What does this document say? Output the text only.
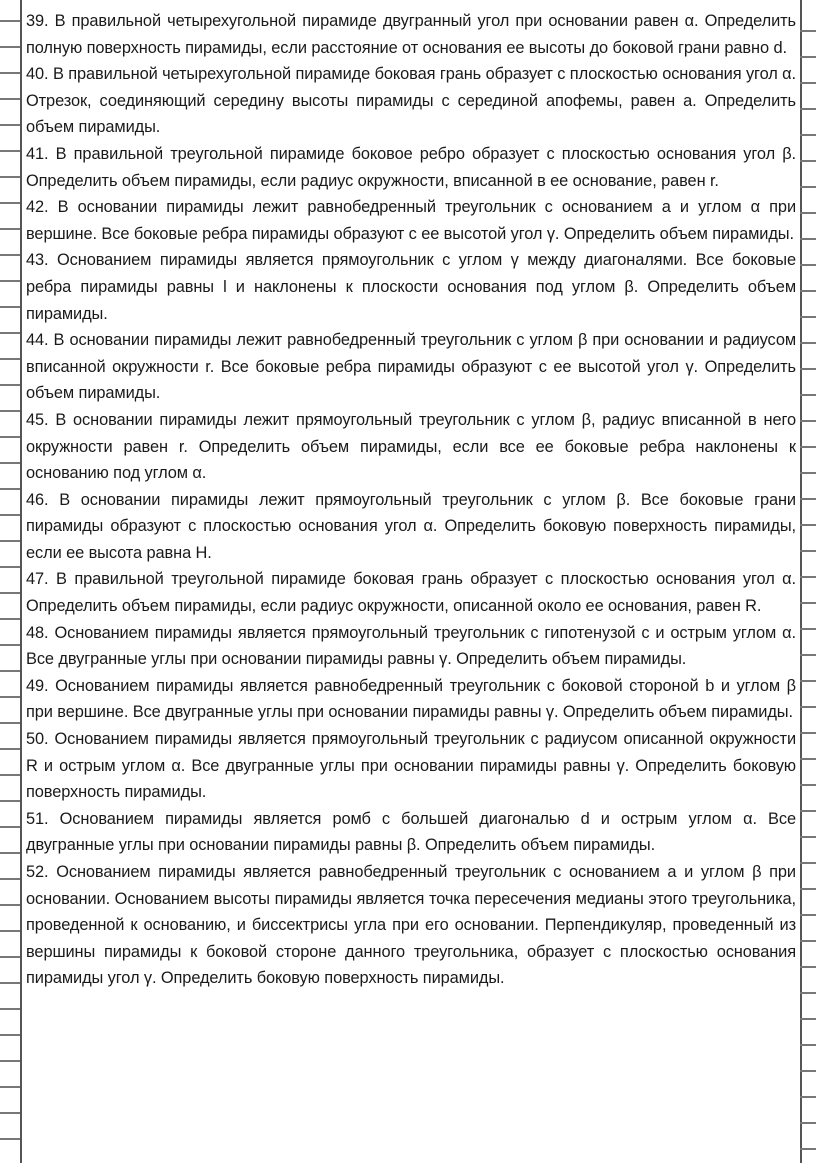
39. В правильной четырехугольной пирамиде двугранный угол при основании равен α. Определить полную поверхность пирамиды, если расстояние от основания ее высоты до боковой грани равно d.

40. В правильной четырехугольной пирамиде боковая грань образует с плоскостью основания угол α. Отрезок, соединяющий середину высоты пирамиды с серединой апофемы, равен a. Определить объем пирамиды.

41. В правильной треугольной пирамиде боковое ребро образует с плоскостью основания угол β. Определить объем пирамиды, если радиус окружности, вписанной в ее основание, равен r.

42. В основании пирамиды лежит равнобедренный треугольник с основанием a и углом α при вершине. Все боковые ребра пирамиды образуют с ее высотой угол γ. Определить объем пирамиды.

43. Основанием пирамиды является прямоугольник с углом γ между диагоналями. Все боковые ребра пирамиды равны l и наклонены к плоскости основания под углом β. Определить объем пирамиды.

44. В основании пирамиды лежит равнобедренный треугольник с углом β при основании и радиусом вписанной окружности r. Все боковые ребра пирамиды образуют с ее высотой угол γ. Определить объем пирамиды.

45. В основании пирамиды лежит прямоугольный треугольник с углом β, радиус вписанной в него окружности равен r. Определить объем пирамиды, если все ее боковые ребра наклонены к основанию под углом α.

46. В основании пирамиды лежит прямоугольный треугольник с углом β. Все боковые грани пирамиды образуют с плоскостью основания угол α. Определить боковую поверхность пирамиды, если ее высота равна H.

47. В правильной треугольной пирамиде боковая грань образует с плоскостью основания угол α. Определить объем пирамиды, если радиус окружности, описанной около ее основания, равен R.

48. Основанием пирамиды является прямоугольный треугольник с гипотенузой c и острым углом α. Все двугранные углы при основании пирамиды равны γ. Определить объем пирамиды.

49. Основанием пирамиды является равнобедренный треугольник с боковой стороной b и углом β при вершине. Все двугранные углы при основании пирамиды равны γ. Определить объем пирамиды.

50. Основанием пирамиды является прямоугольный треугольник с радиусом описанной окружности R и острым углом α. Все двугранные углы при основании пирамиды равны γ. Определить боковую поверхность пирамиды.

51. Основанием пирамиды является ромб с большей диагональю d и острым углом α. Все двугранные углы при основании пирамиды равны β. Определить объем пирамиды.

52. Основанием пирамиды является равнобедренный треугольник с основанием a и углом β при основании. Основанием высоты пирамиды является точка пересечения медианы этого треугольника, проведенной к основанию, и биссектрисы угла при его основании. Перпендикуляр, проведенный из вершины пирамиды к боковой стороне данного треугольника, образует с плоскостью основания пирамиды угол γ. Определить боковую поверхность пирамиды.
